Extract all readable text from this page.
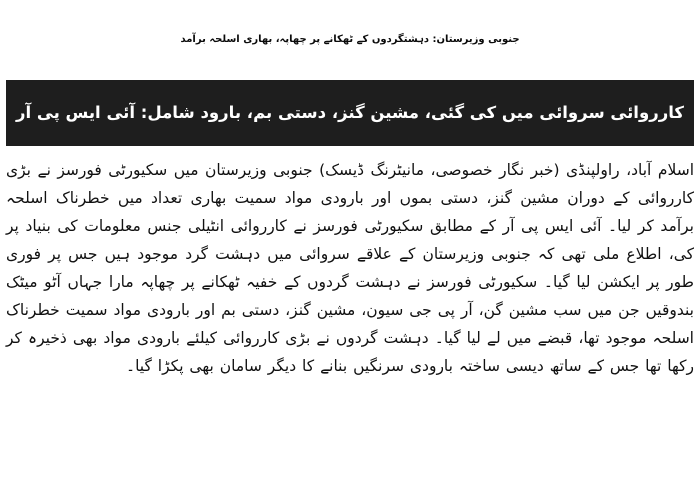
جنوبی وزیرستان: دہشتگردوں کے ٹھکانے پر چھاپہ، بھاری اسلحہ برآمد
کارروائی سروائی میں کی گئی، مشین گنز، دستی بم، بارود شامل: آئی ایس پی آر

اسلام آباد، راولپنڈی (خبر نگار خصوصی، مانیٹرنگ ڈیسک) جنوبی وزیرستان میں سکیورٹی فورسز نے بڑی کارروائی کے دوران مشین گنز، دستی بموں اور بارودی مواد سمیت بھاری تعداد میں خطرناک اسلحہ برآمد کر لیا۔ آئی ایس پی آر کے مطابق سکیورٹی فورسز نے کارروائی انٹیلی جنس معلومات کی بنیاد پر کی، اطلاع ملی تھی کہ جنوبی وزیرستان کے علاقے سروائی میں دہشت گرد موجود ہیں جس پر فوری طور پر ایکشن لیا گیا۔ سکیورٹی فورسز نے دہشت گردوں کے خفیہ ٹھکانے پر چھاپہ مارا جہاں آٹو میٹک بندوقیں جن میں سب مشین گن، آر پی جی سیون، مشین گنز، دستی بم اور بارودی مواد سمیت خطرناک اسلحہ موجود تھا، قبضے میں لے لیا گیا۔ دہشت گردوں نے بڑی کارروائی کیلئے بارودی مواد بھی ذخیرہ کر رکھا تھا جس کے ساتھ دیسی ساختہ بارودی سرنگیں بنانے کا دیگر سامان بھی پکڑا گیا۔
